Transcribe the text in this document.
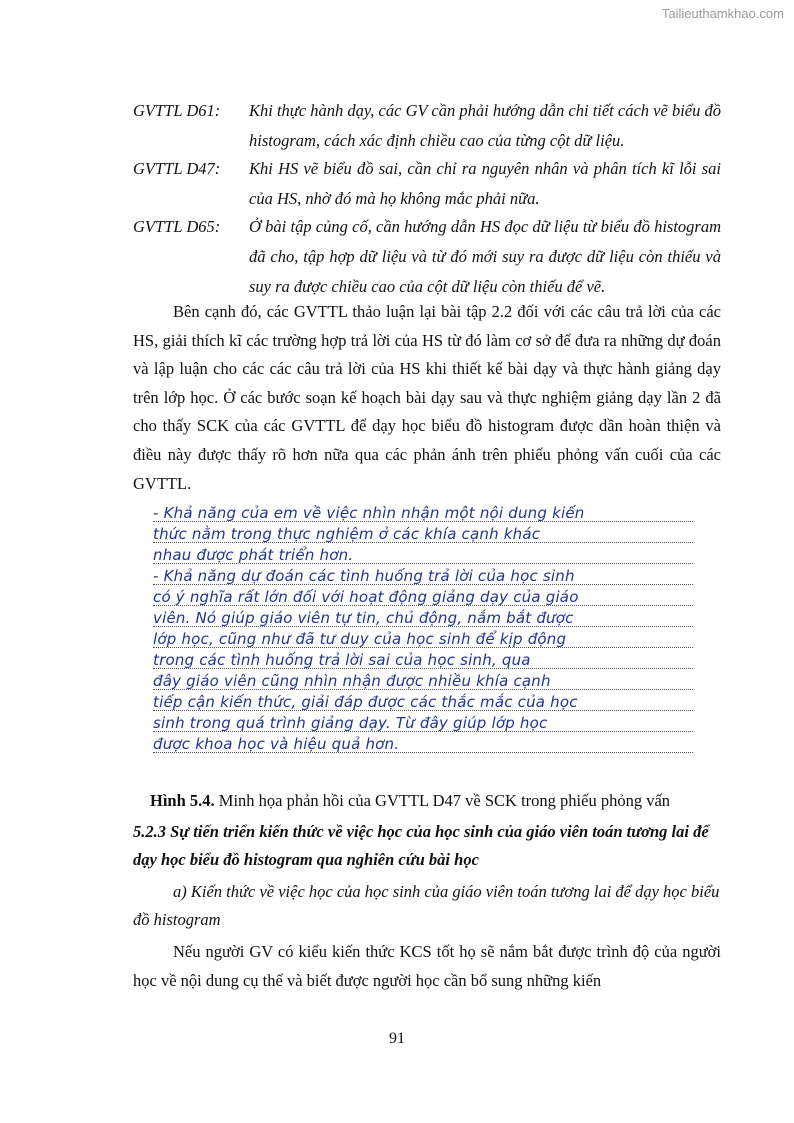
Tailieuthamkhao.com
GVTTL D61:	Khi thực hành dạy, các GV cần phải hướng dẫn chi tiết cách vẽ biểu đồ histogram, cách xác định chiều cao của từng cột dữ liệu.
GVTTL D47:	Khi HS vẽ biểu đồ sai, cần chỉ ra nguyên nhân và phân tích kĩ lỗi sai của HS, nhờ đó mà họ không mắc phải nữa.
GVTTL D65:	Ở bài tập củng cố, cần hướng dẫn HS đọc dữ liệu từ biểu đồ histogram đã cho, tập hợp dữ liệu và từ đó mới suy ra được dữ liệu còn thiếu và suy ra được chiều cao của cột dữ liệu còn thiếu để vẽ.
Bên cạnh đó, các GVTTL thảo luận lại bài tập 2.2 đối với các câu trả lời của các HS, giải thích kĩ các trường hợp trả lời của HS từ đó làm cơ sở để đưa ra những dự đoán và lập luận cho các các câu trả lời của HS khi thiết kế bài dạy và thực hành giảng dạy trên lớp học. Ở các bước soạn kế hoạch bài dạy sau và thực nghiệm giảng dạy lần 2 đã cho thấy SCK của các GVTTL để dạy học biểu đồ histogram được dần hoàn thiện và điều này được thấy rõ hơn nữa qua các phản ánh trên phiếu phỏng vấn cuối của các GVTTL.
- Khả năng của em về việc nhìn nhận một nội dung kiến
thức nằm trong thực nghiệm ở các khía cạnh khác
nhau được phát triển hơn.
- Khả năng dự đoán các tình huống trả lời của học sinh
có ý nghĩa rất lớn đối với hoạt động giảng dạy của giáo
viên. Nó giúp giáo viên tự tin, chủ động, nắm bắt được
lớp học, cũng như đã tư duy của học sinh để kịp động
trong các tình huống trả lời sai của học sinh, qua
đây giáo viên cũng nhìn nhận được nhiều khía cạnh
tiếp cận kiến thức, giải đáp được các thắc mắc của học
sinh trong quá trình giảng dạy. Từ đây giúp lớp học
được khoa học và hiệu quả hơn.
Hình 5.4. Minh họa phản hồi của GVTTL D47 về SCK trong phiếu phỏng vấn
5.2.3 Sự tiến triển kiến thức về việc học của học sinh của giáo viên toán tương lai để dạy học biểu đồ histogram qua nghiên cứu bài học
a) Kiến thức về việc học của học sinh của giáo viên toán tương lai để dạy học biểu đồ histogram
Nếu người GV có kiểu kiến thức KCS tốt họ sẽ nắm bắt được trình độ của người học về nội dung cụ thể và biết được người học cần bổ sung những kiến
91
